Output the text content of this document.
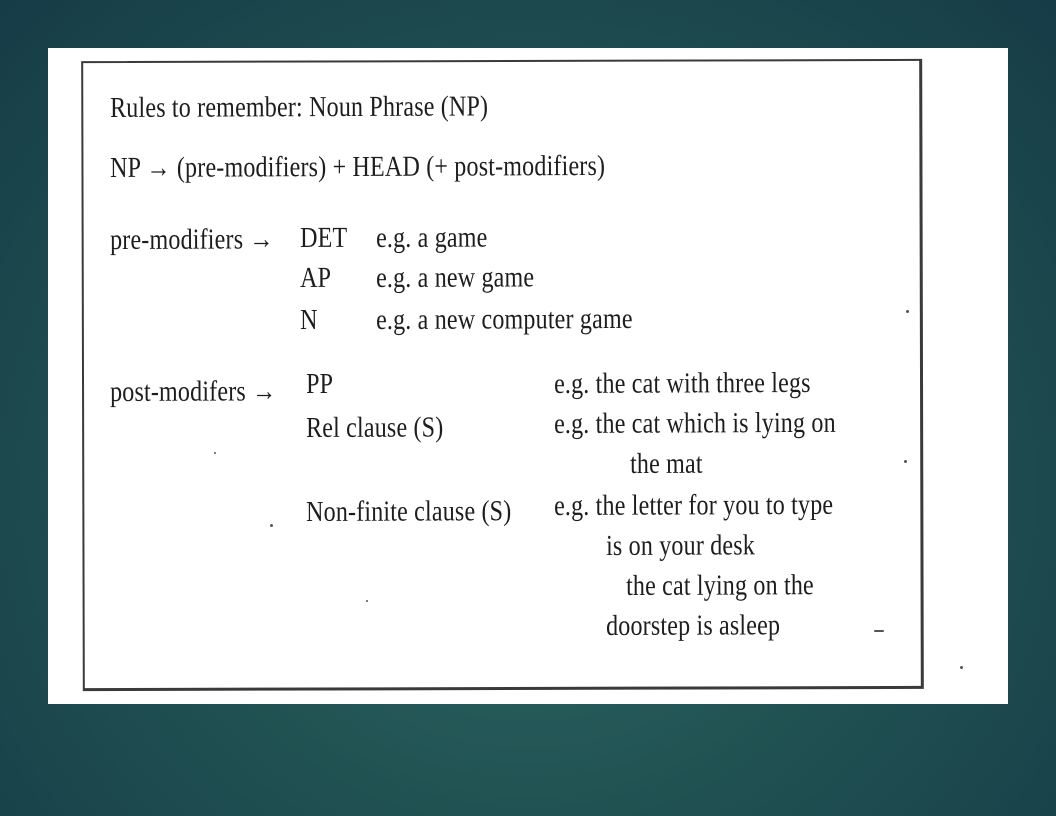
Rules to remember: Noun Phrase (NP)
NP → (pre-modifiers) + HEAD (+ post-modifiers)
pre-modifiers → DET e.g. a game
AP e.g. a new game
N e.g. a new computer game
post-modifers → PP	e.g. the cat with three legs
Rel clause (S)	e.g. the cat which is lying on
the mat
Non-finite clause (S) e.g. the letter for you to type
is on your desk
the cat lying on the
doorstep is asleep
